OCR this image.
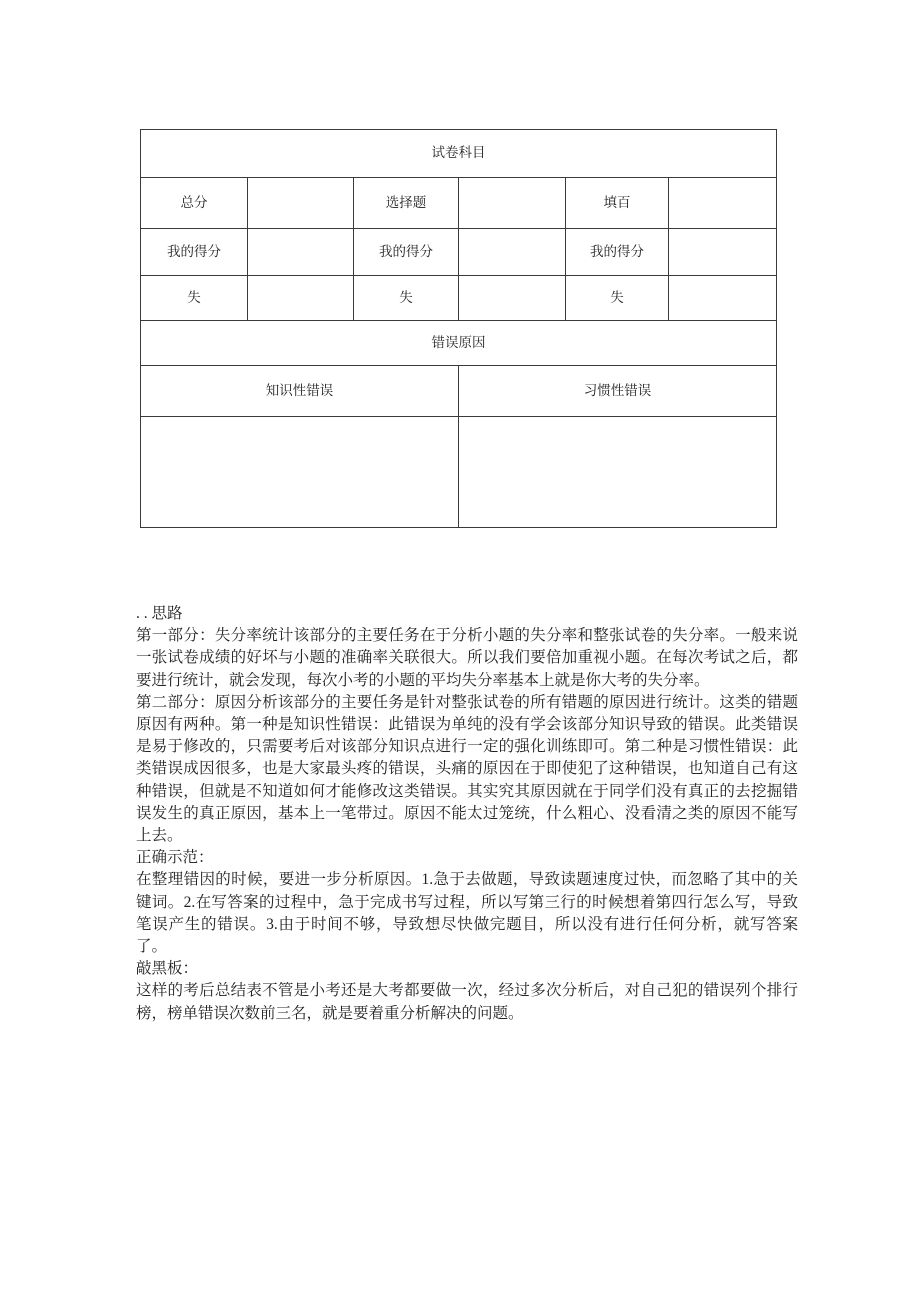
试卷科目					
总分		选择题		填百	
我的得分		我的得分		我的得分	
失		失		失	
错误原因					
知识性错误			习惯性错误		

. . 思路

第一部分：失分率统计该部分的主要任务在于分析小题的失分率和整张试卷的失分率。一般来说一张试卷成绩的好坏与小题的准确率关联很大。所以我们要倍加重视小题。在每次考试之后，都要进行统计，就会发现，每次小考的小题的平均失分率基本上就是你大考的失分率。

第二部分：原因分析该部分的主要任务是针对整张试卷的所有错题的原因进行统计。这类的错题原因有两种。第一种是知识性错误：此错误为单纯的没有学会该部分知识导致的错误。此类错误是易于修改的，只需要考后对该部分知识点进行一定的强化训练即可。第二种是习惯性错误：此类错误成因很多，也是大家最头疼的错误，头痛的原因在于即使犯了这种错误，也知道自己有这种错误，但就是不知道如何才能修改这类错误。其实究其原因就在于同学们没有真正的去挖掘错误发生的真正原因，基本上一笔带过。原因不能太过笼统，什么粗心、没看清之类的原因不能写上去。

正确示范：

在整理错因的时候，要进一步分析原因。1.急于去做题，导致读题速度过快，而忽略了其中的关键词。2.在写答案的过程中，急于完成书写过程，所以写第三行的时候想着第四行怎么写，导致笔误产生的错误。3.由于时间不够，导致想尽快做完题目，所以没有进行任何分析，就写答案了。

敲黑板：

这样的考后总结表不管是小考还是大考都要做一次，经过多次分析后，对自己犯的错误列个排行榜，榜单错误次数前三名，就是要着重分析解决的问题。
